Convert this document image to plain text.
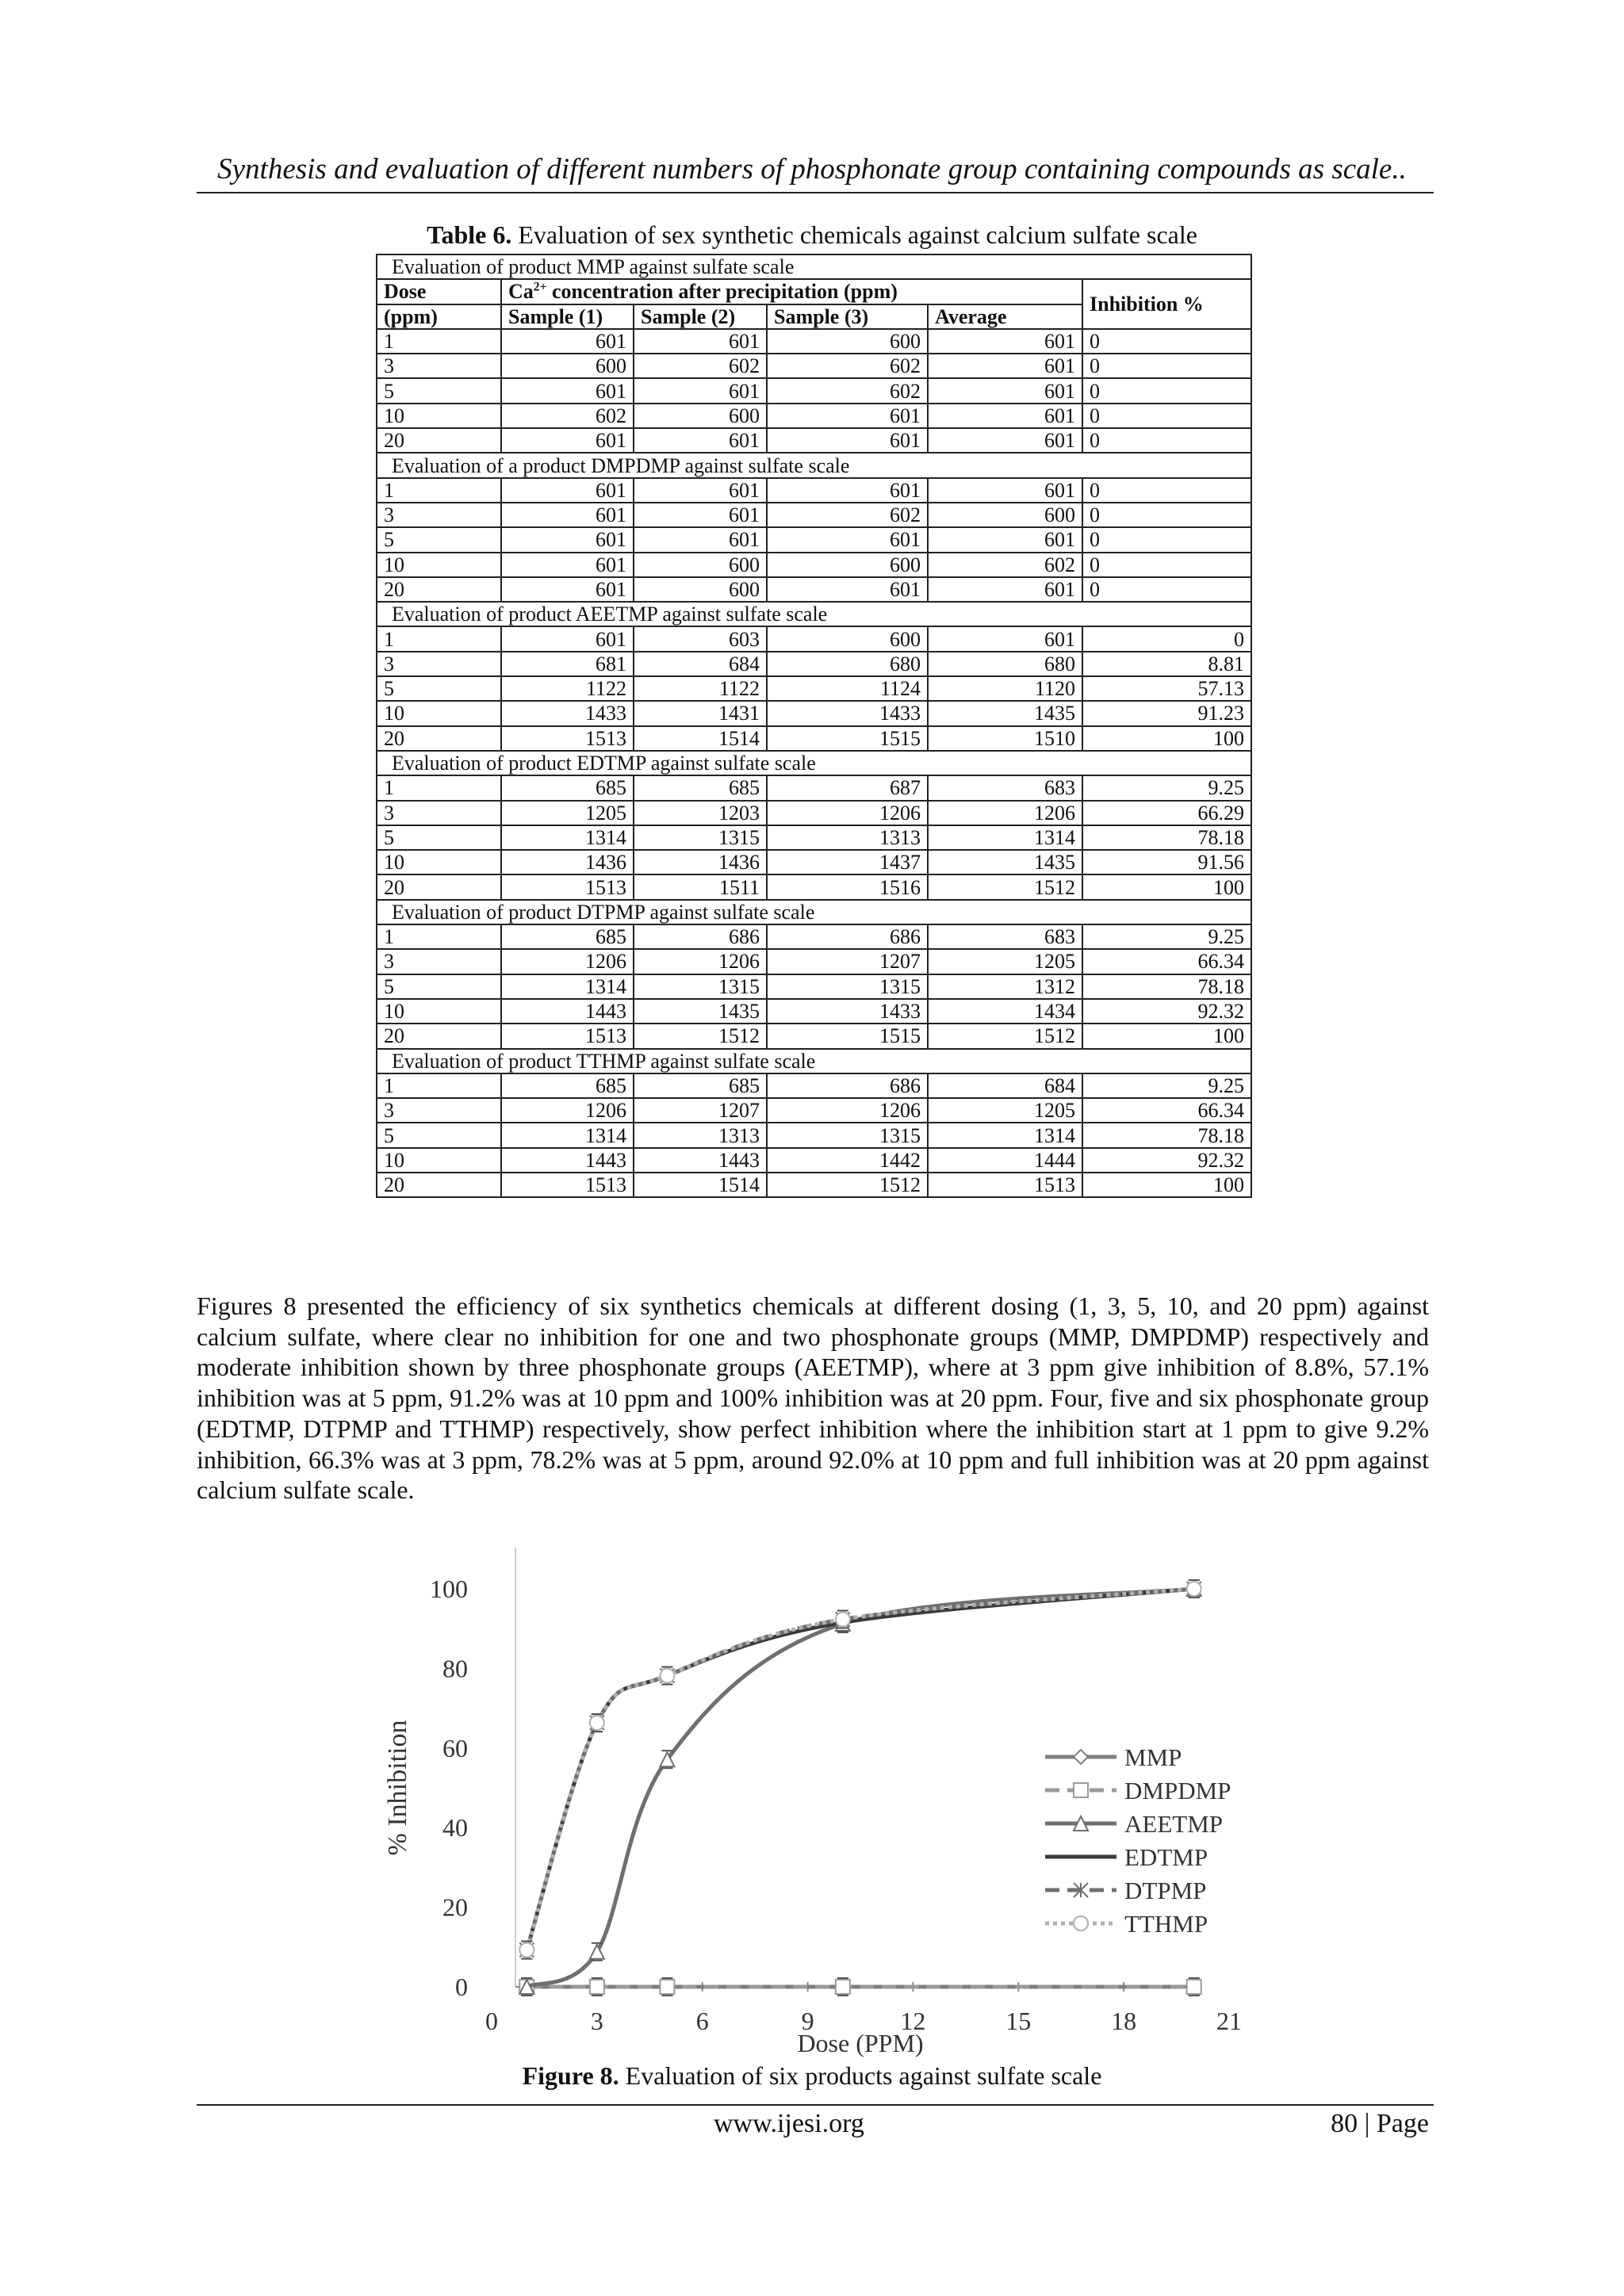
Synthesis and evaluation of different numbers of phosphonate group containing compounds as scale..
Table 6. Evaluation of sex synthetic chemicals against calcium sulfate scale
Evaluation of product MMP against sulfate scale					
Dose	$Ca^{2+}$ concentration after precipitation (ppm)				Inhibition %
(ppm)	Sample (1)	Sample (2)	Sample (3)	Average	
1	601	601	600	601	0
3	600	602	602	601	0
5	601	601	602	601	0
10	602	600	601	601	0
20	601	601	601	601	0
Evaluation of a product DMPDMP against sulfate scale					
1	601	601	601	601	0
3	601	601	602	600	0
5	601	601	601	601	0
10	601	600	600	602	0
20	601	600	601	601	0
Evaluation of product AEETMP against sulfate scale					
1	601	603	600	601	0
3	681	684	680	680	8.81
5	1122	1122	1124	1120	57.13
10	1433	1431	1433	1435	91.23
20	1513	1514	1515	1510	100
Evaluation of product EDTMP against sulfate scale					
1	685	685	687	683	9.25
3	1205	1203	1206	1206	66.29
5	1314	1315	1313	1314	78.18
10	1436	1436	1437	1435	91.56
20	1513	1511	1516	1512	100
Evaluation of product DTPMP against sulfate scale					
1	685	686	686	683	9.25
3	1206	1206	1207	1205	66.34
5	1314	1315	1315	1312	78.18
10	1443	1435	1433	1434	92.32
20	1513	1512	1515	1512	100
Evaluation of product TTHMP against sulfate scale					
1	685	685	686	684	9.25
3	1206	1207	1206	1205	66.34
5	1314	1313	1315	1314	78.18
10	1443	1443	1442	1444	92.32
20	1513	1514	1512	1513	100
Figures 8 presented the efficiency of six synthetics chemicals at different dosing (1, 3, 5, 10, and 20 ppm) against calcium sulfate, where clear no inhibition for one and two phosphonate groups (MMP, DMPDMP) respectively and moderate inhibition shown by three phosphonate groups (AEETMP), where at 3 ppm give inhibition of 8.8%, 57.1% inhibition was at 5 ppm, 91.2% was at 10 ppm and 100% inhibition was at 20 ppm. Four, five and six phosphonate group (EDTMP, DTPMP and TTHMP) respectively, show perfect inhibition where the inhibition start at 1 ppm to give 9.2% inhibition, 66.3% was at 3 ppm, 78.2% was at 5 ppm, around 92.0% at 10 ppm and full inhibition was at 20 ppm against calcium sulfate scale.
0
20
40
60
80
100
0	3	6	9	12	15	18	21
Dose (PPM)
% Inhibition	MMP
DMPDMP
AEETMP
EDTMP
DTPMP
TTHMP
Figure 8. Evaluation of six products against sulfate scale
www.ijesi.org	80 | Page
